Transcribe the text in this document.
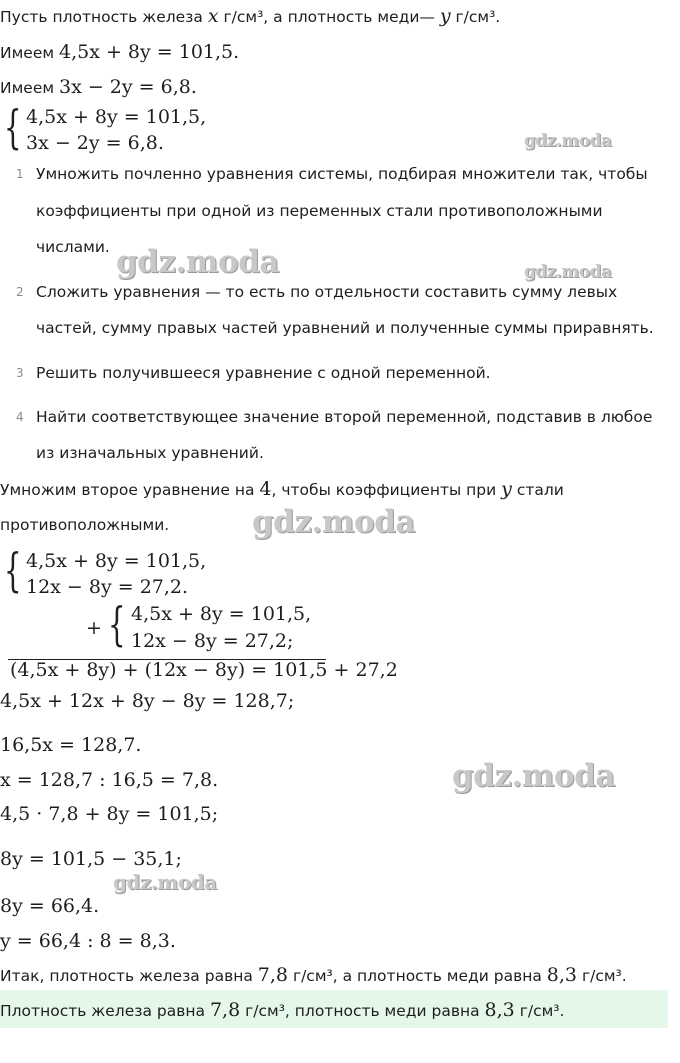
Пусть плотность железа x г/см³, а плотность меди— y г/см³.
Имеем 4,5x + 8y = 101,5.
Имеем 3x − 2y = 6,8.
{ 4,5x + 8y = 101,5,
3x − 2y = 6,8.	gdz.moda
1 Умножить почленно уравнения системы, подбирая множители так, чтобы
коэффициенты при одной из переменных стали противоположными
числами. gdz.moda	gdz.moda
2 Сложить уравнения — то есть по отдельности составить сумму левых
частей, сумму правых частей уравнений и полученные суммы приравнять.
3 Решить получившееся уравнение с одной переменной.
4 Найти соответствующее значение второй переменной, подставив в любое
из изначальных уравнений.
Умножим второе уравнение на 4, чтобы коэффициенты при y стали
противоположными.	gdz.moda
{ 4,5x + 8y = 101,5,
12x − 8y = 27,2.
+ { 4,5x + 8y = 101,5,
12x − 8y = 27,2;
(4,5x + 8y) + (12x − 8y) = 101,5 + 27,2
4,5x + 12x + 8y − 8y = 128,7;
16,5x = 128,7.
x = 128,7 : 16,5 = 7,8.	gdz.moda
4,5 · 7,8 + 8y = 101,5;
8y = 101,5 − 35,1;
gdz.moda
8y = 66,4.
y = 66,4 : 8 = 8,3.
Итак, плотность железа равна 7,8 г/см³, а плотность меди равна 8,3 г/см³.
Плотность железа равна 7,8 г/см³, плотность меди равна 8,3 г/см³.
